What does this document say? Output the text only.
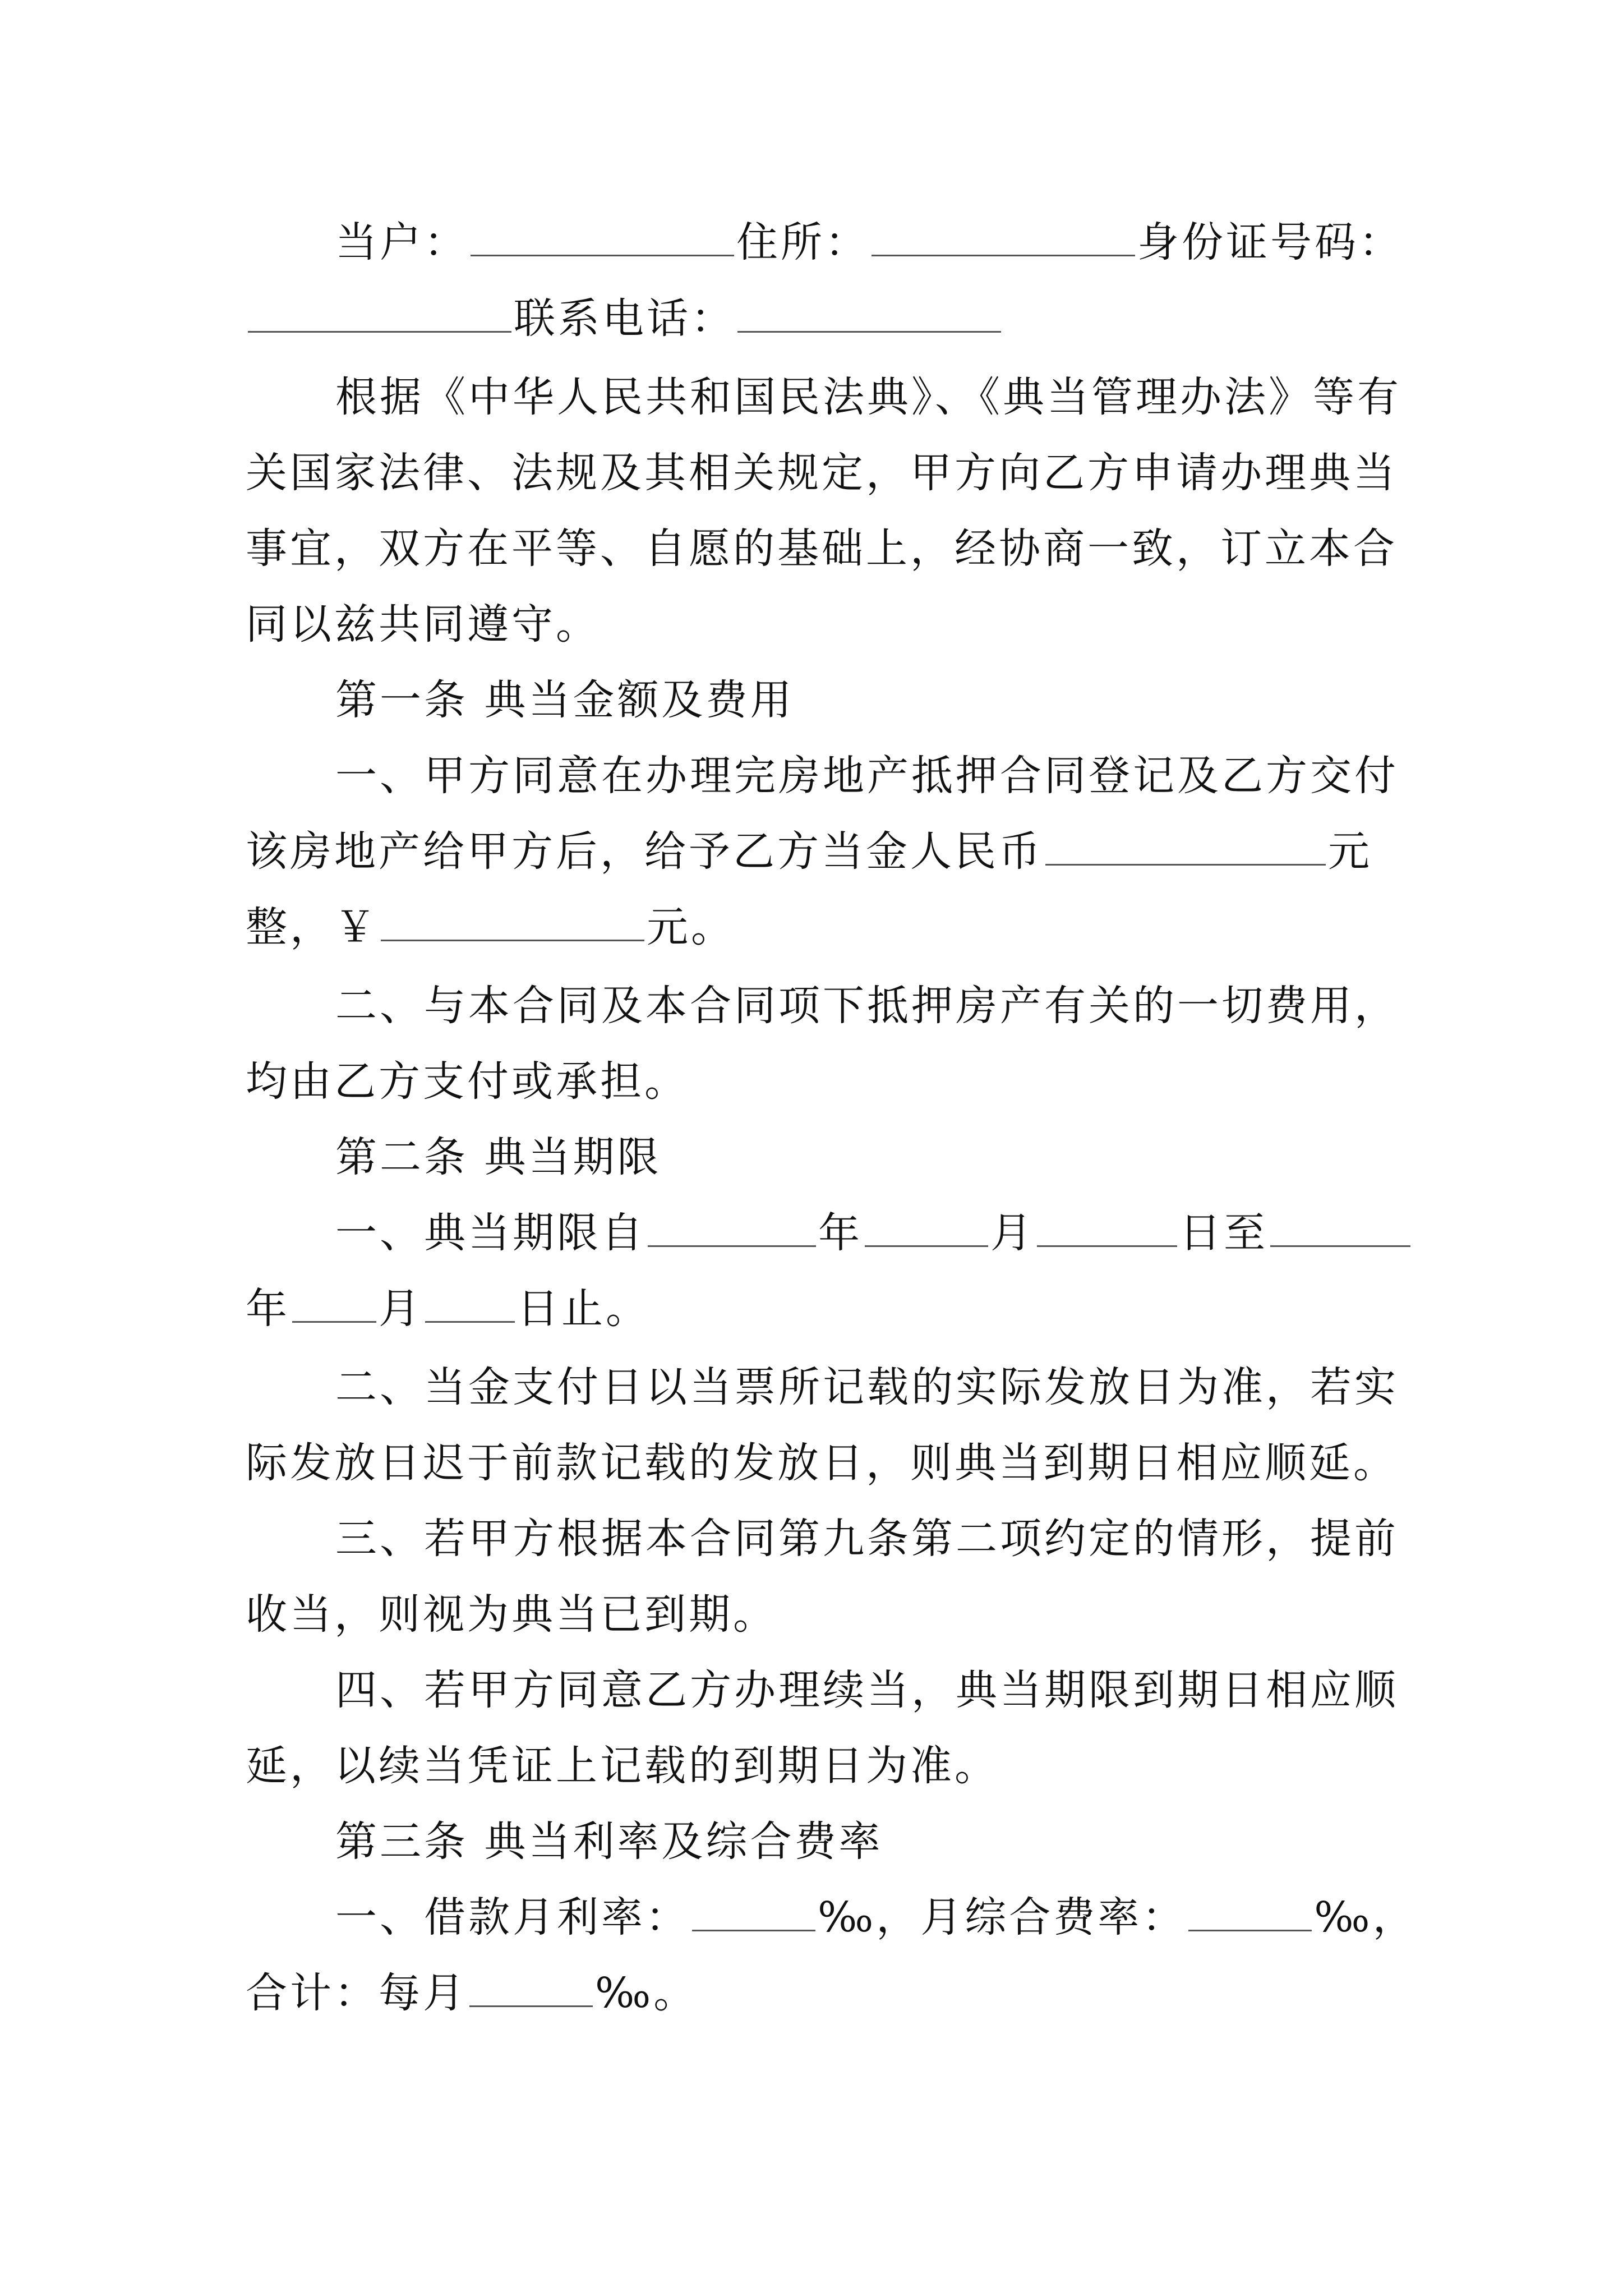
当户：	住所：	身份证号码：
联系电话：
根据《中华人民共和国民法典》、《典当管理办法》等有
关国家法律、法规及其相关规定，甲方向乙方申请办理典当
事宜，双方在平等、自愿的基础上，经协商一致，订立本合
同以兹共同遵守。
第一条 典当金额及费用
一、甲方同意在办理完房地产抵押合同登记及乙方交付
该房地产给甲方后，给予乙方当金人民币	元
整，￥	元。
二、与本合同及本合同项下抵押房产有关的一切费用，
均由乙方支付或承担。
第二条 典当期限
一、典当期限自	年	月	日至
年 月 日止。
二、当金支付日以当票所记载的实际发放日为准，若实
际发放日迟于前款记载的发放日，则典当到期日相应顺延。
三、若甲方根据本合同第九条第二项约定的情形，提前
收当，则视为典当已到期。
四、若甲方同意乙方办理续当，典当期限到期日相应顺
延，以续当凭证上记载的到期日为准。
第三条 典当利率及综合费率
一、借款月利率：	‰，月综合费率：	‰，
合计：每月	‰。
